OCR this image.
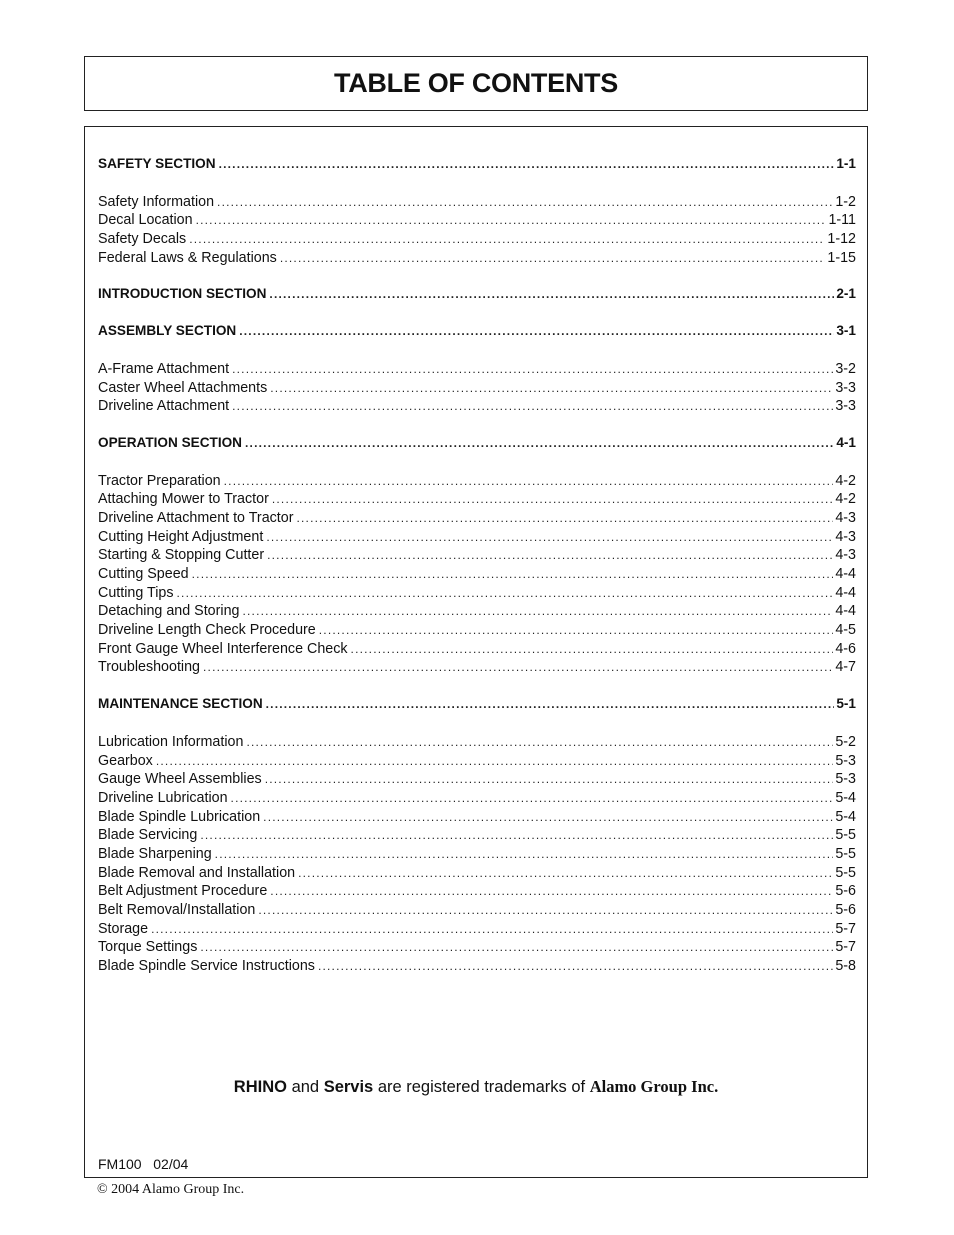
TABLE OF CONTENTS
SAFETY SECTION .....	1-1
Safety Information .....	1-2
Decal Location .....	1-11
Safety Decals .....	1-12
Federal Laws & Regulations .....	1-15
INTRODUCTION SECTION .....	2-1
ASSEMBLY SECTION .....	3-1
A-Frame Attachment .....	3-2
Caster Wheel Attachments .....	3-3
Driveline Attachment .....	3-3
OPERATION SECTION .....	4-1
Tractor Preparation .....	4-2
Attaching Mower to Tractor .....	4-2
Driveline Attachment to Tractor .....	4-3
Cutting Height Adjustment .....	4-3
Starting & Stopping Cutter .....	4-3
Cutting Speed .....	4-4
Cutting Tips .....	4-4
Detaching and Storing .....	4-4
Driveline Length Check Procedure .....	4-5
Front Gauge Wheel Interference Check .....	4-6
Troubleshooting .....	4-7
MAINTENANCE SECTION .....	5-1
Lubrication Information .....	5-2
Gearbox .....	5-3
Gauge Wheel Assemblies .....	5-3
Driveline Lubrication .....	5-4
Blade Spindle Lubrication .....	5-4
Blade Servicing .....	5-5
Blade Sharpening .....	5-5
Blade Removal and Installation .....	5-5
Belt Adjustment Procedure .....	5-6
Belt Removal/Installation .....	5-6
Storage .....	5-7
Torque Settings .....	5-7
Blade Spindle Service Instructions .....	5-8
RHINO and Servis are registered trademarks of Alamo Group Inc.
FM100   02/04
© 2004 Alamo Group Inc.
